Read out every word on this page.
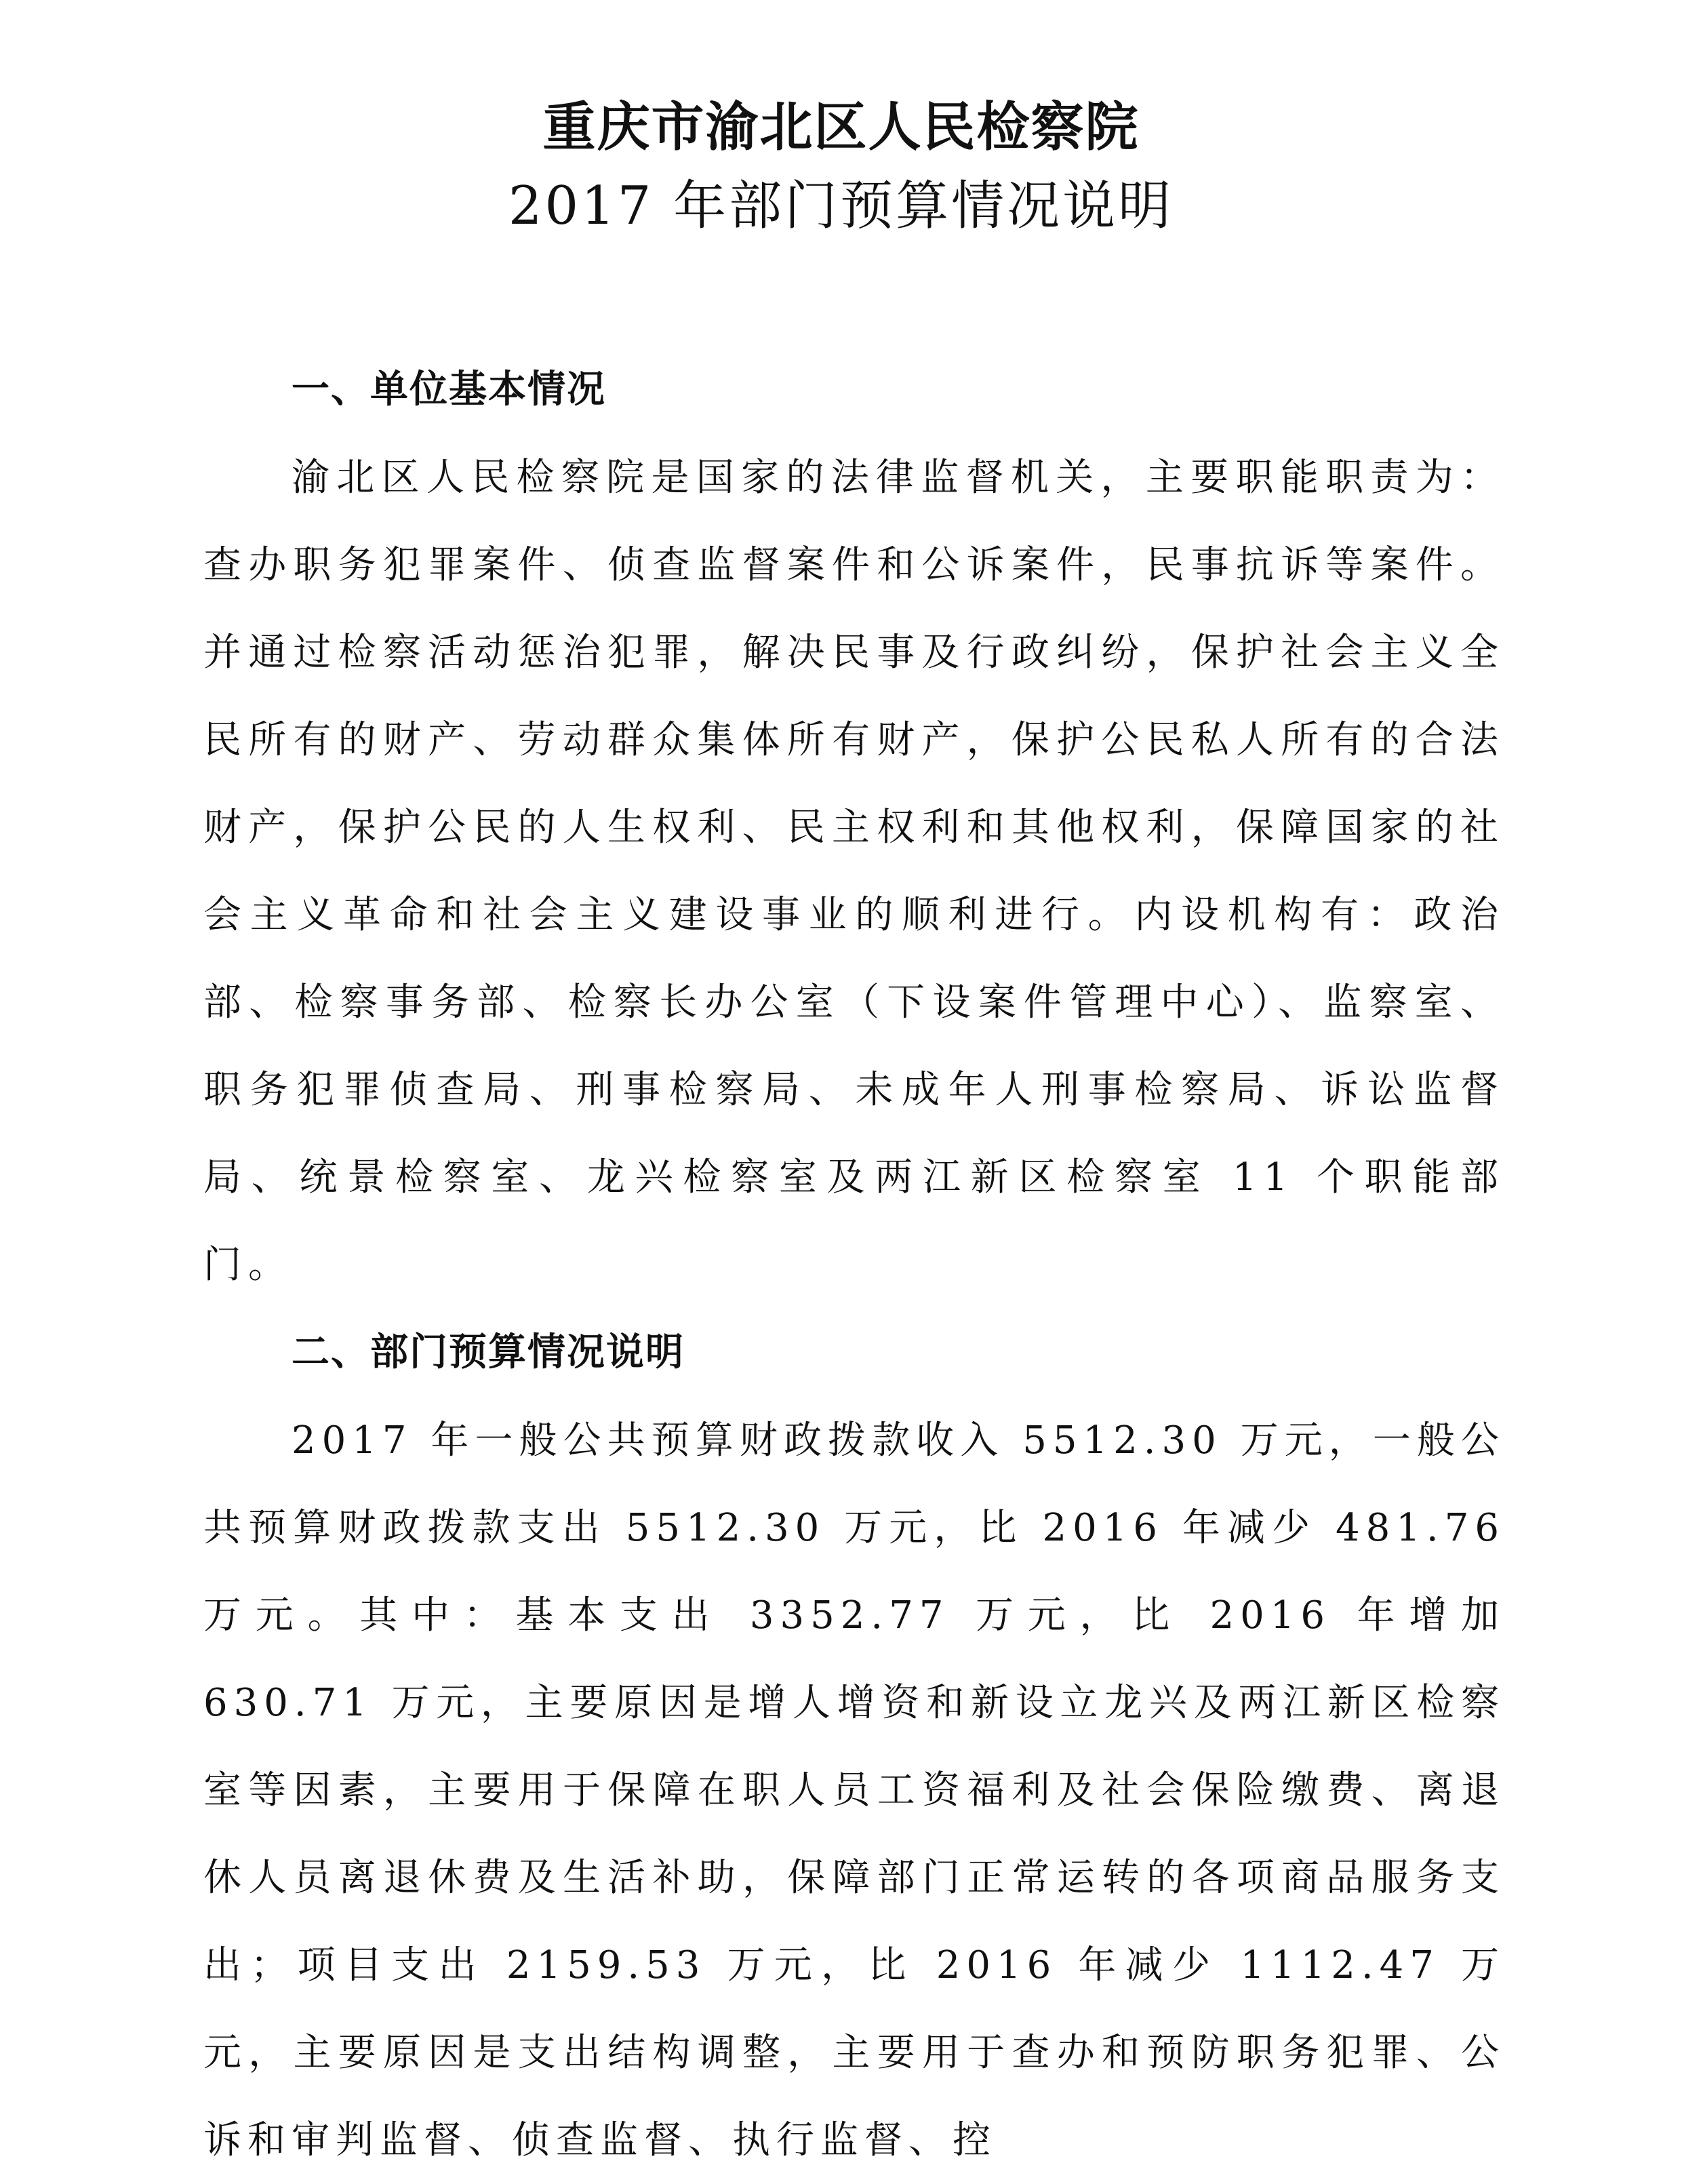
重庆市渝北区人民检察院
2017 年部门预算情况说明
一、单位基本情况

渝北区人民检察院是国家的法律监督机关，主要职能职责为：查办职务犯罪案件、侦查监督案件和公诉案件，民事抗诉等案件。并通过检察活动惩治犯罪，解决民事及行政纠纷，保护社会主义全民所有的财产、劳动群众集体所有财产，保护公民私人所有的合法财产，保护公民的人生权利、民主权利和其他权利，保障国家的社会主义革命和社会主义建设事业的顺利进行。内设机构有：政治部、检察事务部、检察长办公室（下设案件管理中心）、监察室、职务犯罪侦查局、刑事检察局、未成年人刑事检察局、诉讼监督局、统景检察室、龙兴检察室及两江新区检察室 11 个职能部门。

二、部门预算情况说明

2017 年一般公共预算财政拨款收入 5512.30 万元，一般公共预算财政拨款支出 5512.30 万元，比 2016 年减少 481.76 万元。其中：基本支出 3352.77 万元，比 2016 年增加 630.71 万元，主要原因是增人增资和新设立龙兴及两江新区检察室等因素，主要用于保障在职人员工资福利及社会保险缴费、离退休人员离退休费及生活补助，保障部门正常运转的各项商品服务支出；项目支出 2159.53 万元，比 2016 年减少 1112.47 万元，主要原因是支出结构调整，主要用于查办和预防职务犯罪、公诉和审判监督、侦查监督、执行监督、控
